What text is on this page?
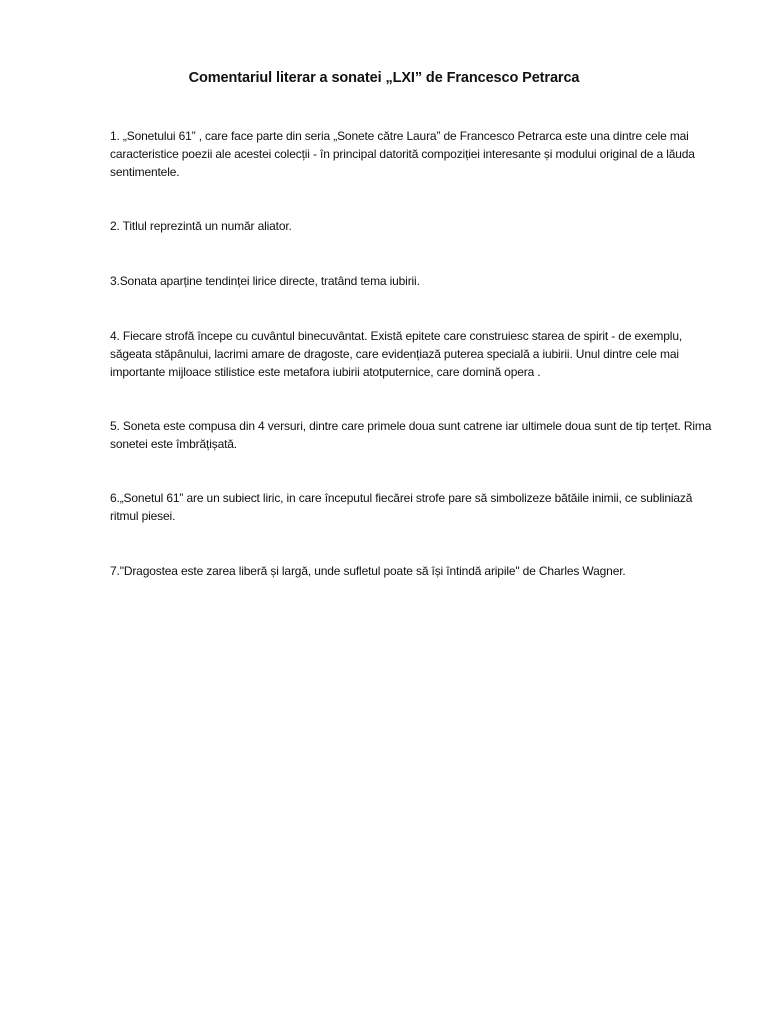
Comentariul literar a sonatei „LXI” de Francesco Petrarca

1. „Sonetului 61” , care face parte din seria „Sonete către Laura” de Francesco Petrarca este una dintre cele mai caracteristice poezii ale acestei colecții - în principal datorită compoziției interesante și modului original de a lăuda sentimentele.

2. Titlul reprezintă un număr aliator.

3.Sonata aparține tendinței lirice directe, tratând tema iubirii.

4. Fiecare strofă începe cu cuvântul binecuvântat. Există epitete care construiesc starea de spirit - de exemplu, săgeata stăpânului, lacrimi amare de dragoste, care evidențiază puterea specială a iubirii. Unul dintre cele mai importante mijloace stilistice este metafora iubirii atotputernice, care domină opera .

5. Soneta este compusa din 4 versuri, dintre care primele doua sunt catrene iar ultimele doua sunt de tip terțet. Rima sonetei este îmbrățișată.

6.„Sonetul 61” are un subiect liric, in care începutul fiecărei strofe pare să simbolizeze bătăile inimii, ce subliniază ritmul piesei.

7."Dragostea este zarea liberă și largă, unde sufletul poate să își întindă aripile" de Charles Wagner.
